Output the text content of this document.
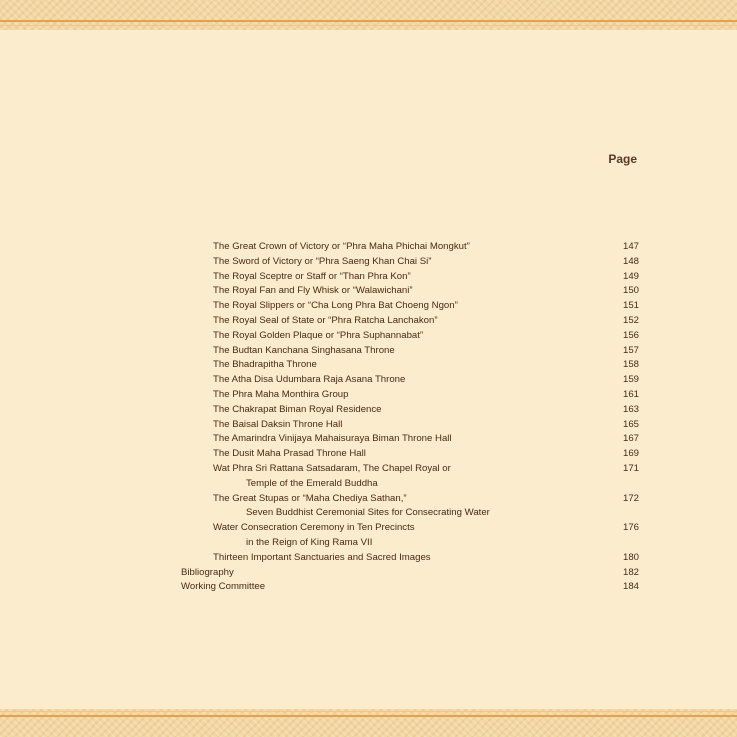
Page
The Great Crown of Victory or “Phra Maha Phichai Mongkut”	147
The Sword of Victory or “Phra Saeng Khan Chai Si”	148
The Royal Sceptre or Staff or “Than Phra Kon”	149
The Royal Fan and Fly Whisk or “Walawichani”	150
The Royal Slippers or “Cha Long Phra Bat Choeng Ngon”	151
The Royal Seal of State or “Phra Ratcha Lanchakon”	152
The Royal Golden Plaque or “Phra Suphannabat”	156
The Budtan Kanchana Singhasana Throne	157
The Bhadrapitha Throne	158
The Atha Disa Udumbara Raja Asana Throne	159
The Phra Maha Monthira Group	161
The Chakrapat Biman Royal Residence	163
The Baisal Daksin Throne Hall	165
The Amarindra Vinijaya Mahaisuraya Biman Throne Hall	167
The Dusit Maha Prasad Throne Hall	169
Wat Phra Sri Rattana Satsadaram, The Chapel Royal or	171
Temple of the Emerald Buddha
The Great Stupas or “Maha Chediya Sathan,”	172
Seven Buddhist Ceremonial Sites for Consecrating Water
Water Consecration Ceremony in Ten Precincts	176
in the Reign of King Rama VII
Thirteen Important Sanctuaries and Sacred Images	180
Bibliography	182
Working Committee	184
